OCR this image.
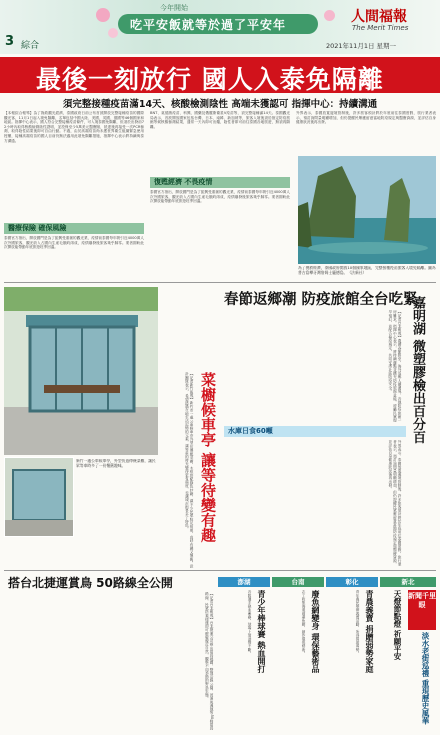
今年開始
吃平安飯就等於過了平安年
3 綜合
人間福報
The Merit Times
2021年11月1日 星期一
最後一刻放行 國人入泰免隔離
須完整接種疫苗滿14天、核酸檢測陰性 高端未獲認可 指揮中心：持續溝通
【本報綜合報導】為了挽救觀光經濟，泰國政府日前公布首波開放完整接種疫苗的國際觀光客，11月1日起入境免隔離，名單包括中國大陸、美國、英國、德國等46個國家和地區。指揮中心表示，國人符合完整接種疫苗條件，可入境泰國免隔離，但須於出發前72小時內取得核酸檢測陰性證明，並投保至少5萬美元醫療險，抵達後再接受一次PCR檢測，取得陰性結果後即可自由行動。不過，由於高端疫苗尚未獲世界衛生組織緊急使用授權，接種高端疫苗的國人目前仍無法適用此項免隔離措施，指揮中心表示將持續與泰方溝通。
醫療保險 確保風險
泰國官方指出，開放國門是為了振興受重創的觀光業，疫情前泰國每年吸引近4000萬人次外國旅客，觀光收入占國內生產毛額約兩成，疫情爆發後旅客幾乎歸零。業者期盼此次開放能帶動年底旅遊旺季回溫。
BNT、莫德納疫苗、科興、國藥及俄羅斯衛星V疫苗等，須完整接種滿14天。泰國觀光局表示，首波開放國家包括台灣、日本、南韓、新加坡等，旅客入境後須於指定防疫旅館等候核酸檢測結果，通常一天內即可出爐，陰性者即可前往泰國各地旅遊，無須再隔離。
復甦經濟 不畏疫情
泰國官方指出，開放國門是為了振興受重創的觀光業，疫情前泰國每年吸引近4000萬人次外國旅客，觀光收入占國內生產毛額約兩成，疫情爆發後旅客幾乎歸零。業者期盼此次開放能帶動年底旅遊旺季回溫。
外界表示，泰國放寬邊境管制後，許多旅客預計將於年底前往泰國度假，旅行業者表示，預訂詢問量明顯增加，但仍提醒民眾應留意當地防疫規定與醫療資源，並評估自身健康狀況後再出發。
為了挽救經濟，泰國政府開放10個國家地區，完整接種疫苗旅客入境免隔離。圖為普吉島攀牙灣詹姆士龐德島。（法新社）
新竹一處公車候車亭，外型仿造傳統菜櫥，讓民眾等車時多了一份懷舊趣味。	菜櫥候車亭 讓等待變有趣
【記者新竹報導】新竹市一處公車候車亭外型仿傳統菜櫥，木框搭配綠色紗網，讓不少民眾駐足拍照，直呼有趣又懷舊。設計團隊表示，希望透過在地生活記憶的元素，讓等車的時光變得更有溫度，也讓城市街景多了特色。
春節返鄉潮 防疫旅館全台吃緊
【記者台北報導】農曆春節將至，海外返鄉人潮湧現，各地防疫旅館一房難求。指揮中心表示，將持續盤點並擴充防疫旅館量能，呼籲民眾提早預訂，並配合檢疫規定，共同守護社區防疫安全。
水庫日食60噸
外界表示，泰國放寬邊境管制後，許多旅客預計將於年底前往泰國度假，旅行業者表示，預訂詢問量明顯增加，但仍提醒民眾應留意當地防疫規定與醫療資源，並評估自身健康狀況後再出發。
嘉明湖 微塑膠檢出百分百
搭台北捷運賞鳥 50路線全公開
【記者台北報導】台北捷運公司推出賞鳥地圖，整理沿線公園、河濱與濕地等50條賞鳥路線，民眾搭乘捷運即可輕鬆親近自然，觀察不同季節的野鳥生態。
澎湖	台南	彰化	新北
青少年棒球賽 熱血開打
各隊選手熱血參賽，球場上加油聲不斷。	廢魚網變身 環保藝術品
志工收集海邊廢棄魚網，創作環保藝術。	青農義賣 捐贈弱勢家庭
青年農民舉辦義賣活動，所得捐助弱勢。	新聞千里眼
淡水老街巡禮 重現歷史風華
天燈節點燈 祈願平安
